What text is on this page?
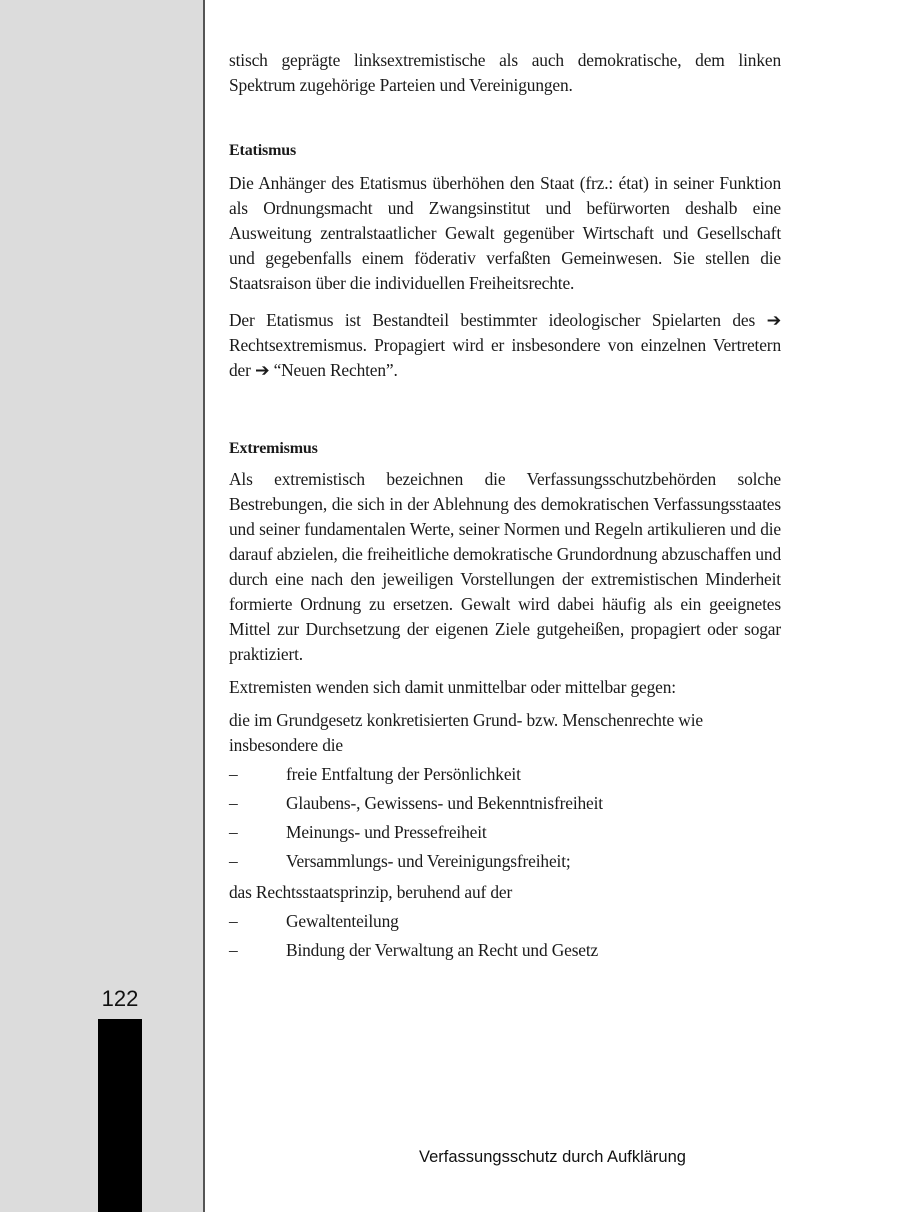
122

stisch geprägte linksextremistische als auch demokratische, dem linken Spektrum zugehörige Parteien und Vereinigungen.

Etatismus

Die Anhänger des Etatismus überhöhen den Staat (frz.: état) in seiner Funktion als Ordnungsmacht und Zwangsinstitut und befürworten deshalb eine Ausweitung zentralstaatlicher Gewalt gegenüber Wirtschaft und Gesellschaft und gegebenfalls einem föderativ verfaßten Gemeinwesen. Sie stellen die Staatsraison über die individuellen Freiheitsrechte.

Der Etatismus ist Bestandteil bestimmter ideologischer Spielarten des ➔ Rechtsextremismus. Propagiert wird er insbesondere von einzelnen Vertretern der ➔ “Neuen Rechten”.

Extremismus

Als extremistisch bezeichnen die Verfassungsschutzbehörden solche Bestrebungen, die sich in der Ablehnung des demokratischen Verfassungsstaates und seiner fundamentalen Werte, seiner Normen und Regeln artikulieren und die darauf abzielen, die freiheitliche demokratische Grundordnung abzuschaffen und durch eine nach den jeweiligen Vorstellungen der extremistischen Minderheit formierte Ordnung zu ersetzen. Gewalt wird dabei häufig als ein geeignetes Mittel zur Durchsetzung der eigenen Ziele gutgeheißen, propagiert oder sogar praktiziert.

Extremisten wenden sich damit unmittelbar oder mittelbar gegen:

die im Grundgesetz konkretisierten Grund- bzw. Menschenrechte wie insbesondere die

–	freie Entfaltung der Persönlichkeit
–	Glaubens-, Gewissens- und Bekenntnisfreiheit
–	Meinungs- und Pressefreiheit
–	Versammlungs- und Vereinigungsfreiheit;

das Rechtsstaatsprinzip, beruhend auf der

–	Gewaltenteilung
–	Bindung der Verwaltung an Recht und Gesetz
Verfassungsschutz durch Aufklärung
